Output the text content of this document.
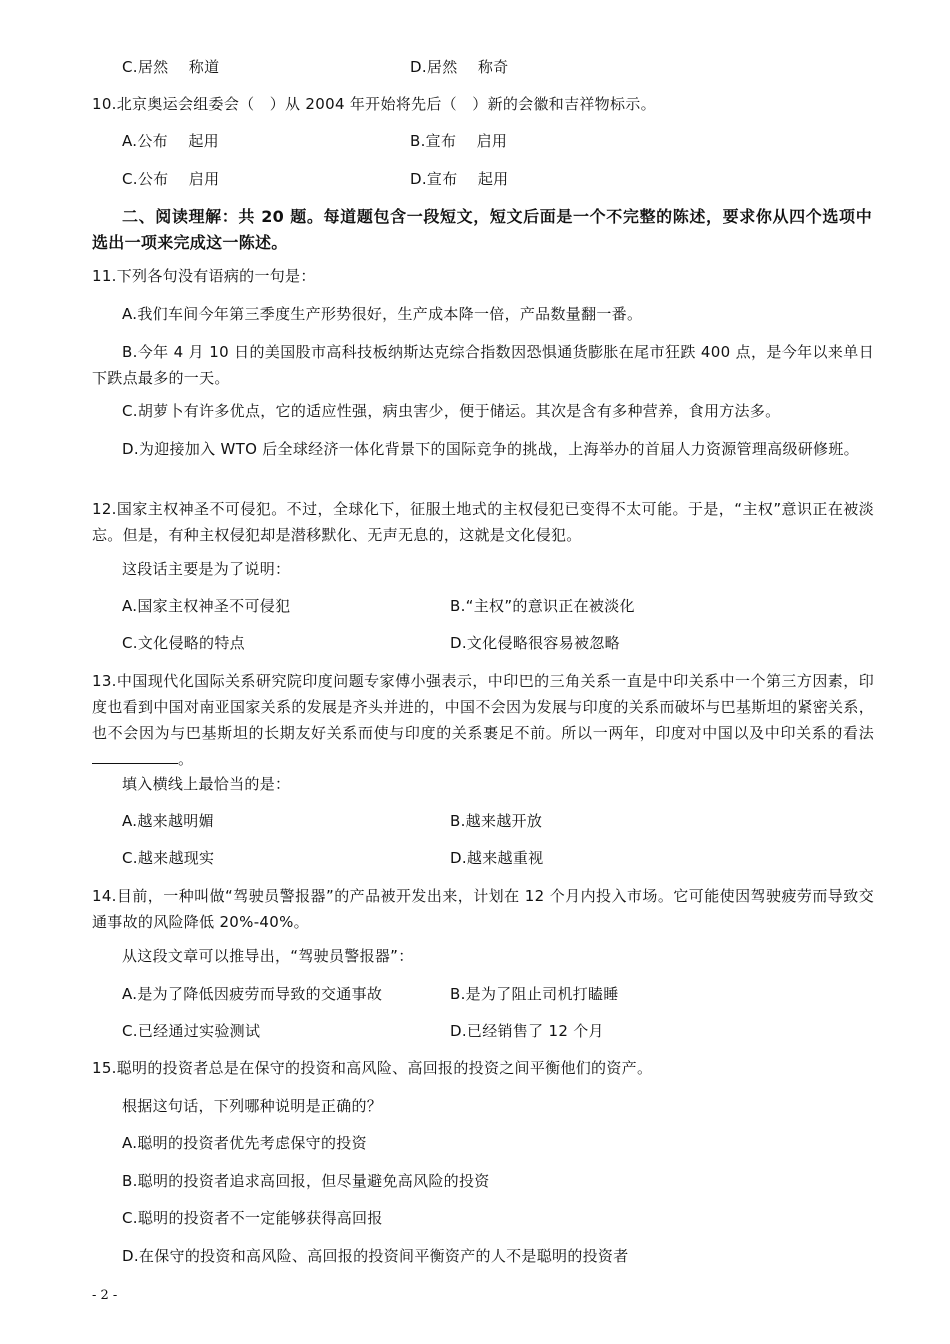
C.居然　 称道	D.居然　 称奇
10.北京奥运会组委会（　）从 2004 年开始将先后（　）新的会徽和吉祥物标示。
A.公布　 起用	B.宣布　 启用
C.公布　 启用	D.宣布　 起用
二、阅读理解：共 20 题。每道题包含一段短文，短文后面是一个不完整的陈述，要求你从四个选项中选出一项来完成这一陈述。
11.下列各句没有语病的一句是：
A.我们车间今年第三季度生产形势很好，生产成本降一倍，产品数量翻一番。
B.今年 4 月 10 日的美国股市高科技板纳斯达克综合指数因恐惧通货膨胀在尾市狂跌 400 点，是今年以来单日下跌点最多的一天。
C.胡萝卜有许多优点，它的适应性强，病虫害少，便于储运。其次是含有多种营养，食用方法多。
D.为迎接加入 WTO 后全球经济一体化背景下的国际竞争的挑战，上海举办的首届人力资源管理高级研修班。
12.国家主权神圣不可侵犯。不过，全球化下，征服土地式的主权侵犯已变得不太可能。于是，“主权”意识正在被淡忘。但是，有种主权侵犯却是潜移默化、无声无息的，这就是文化侵犯。
这段话主要是为了说明：
A.国家主权神圣不可侵犯	B.“主权”的意识正在被淡化
C.文化侵略的特点	D.文化侵略很容易被忽略
13.中国现代化国际关系研究院印度问题专家傅小强表示，中印巴的三角关系一直是中印关系中一个第三方因素，印度也看到中国对南亚国家关系的发展是齐头并进的，中国不会因为发展与印度的关系而破坏与巴基斯坦的紧密关系，也不会因为与巴基斯坦的长期友好关系而使与印度的关系裹足不前。所以一两年，印度对中国以及中印关系的看法。
填入横线上最恰当的是：
A.越来越明媚	B.越来越开放
C.越来越现实	D.越来越重视
14.目前，一种叫做“驾驶员警报器”的产品被开发出来，计划在 12 个月内投入市场。它可能使因驾驶疲劳而导致交通事故的风险降低 20%-40%。
从这段文章可以推导出，“驾驶员警报器”：
A.是为了降低因疲劳而导致的交通事故	B.是为了阻止司机打瞌睡
C.已经通过实验测试	D.已经销售了 12 个月
15.聪明的投资者总是在保守的投资和高风险、高回报的投资之间平衡他们的资产。
根据这句话，下列哪种说明是正确的？
A.聪明的投资者优先考虑保守的投资
B.聪明的投资者追求高回报，但尽量避免高风险的投资
C.聪明的投资者不一定能够获得高回报
D.在保守的投资和高风险、高回报的投资间平衡资产的人不是聪明的投资者
- 2 -
